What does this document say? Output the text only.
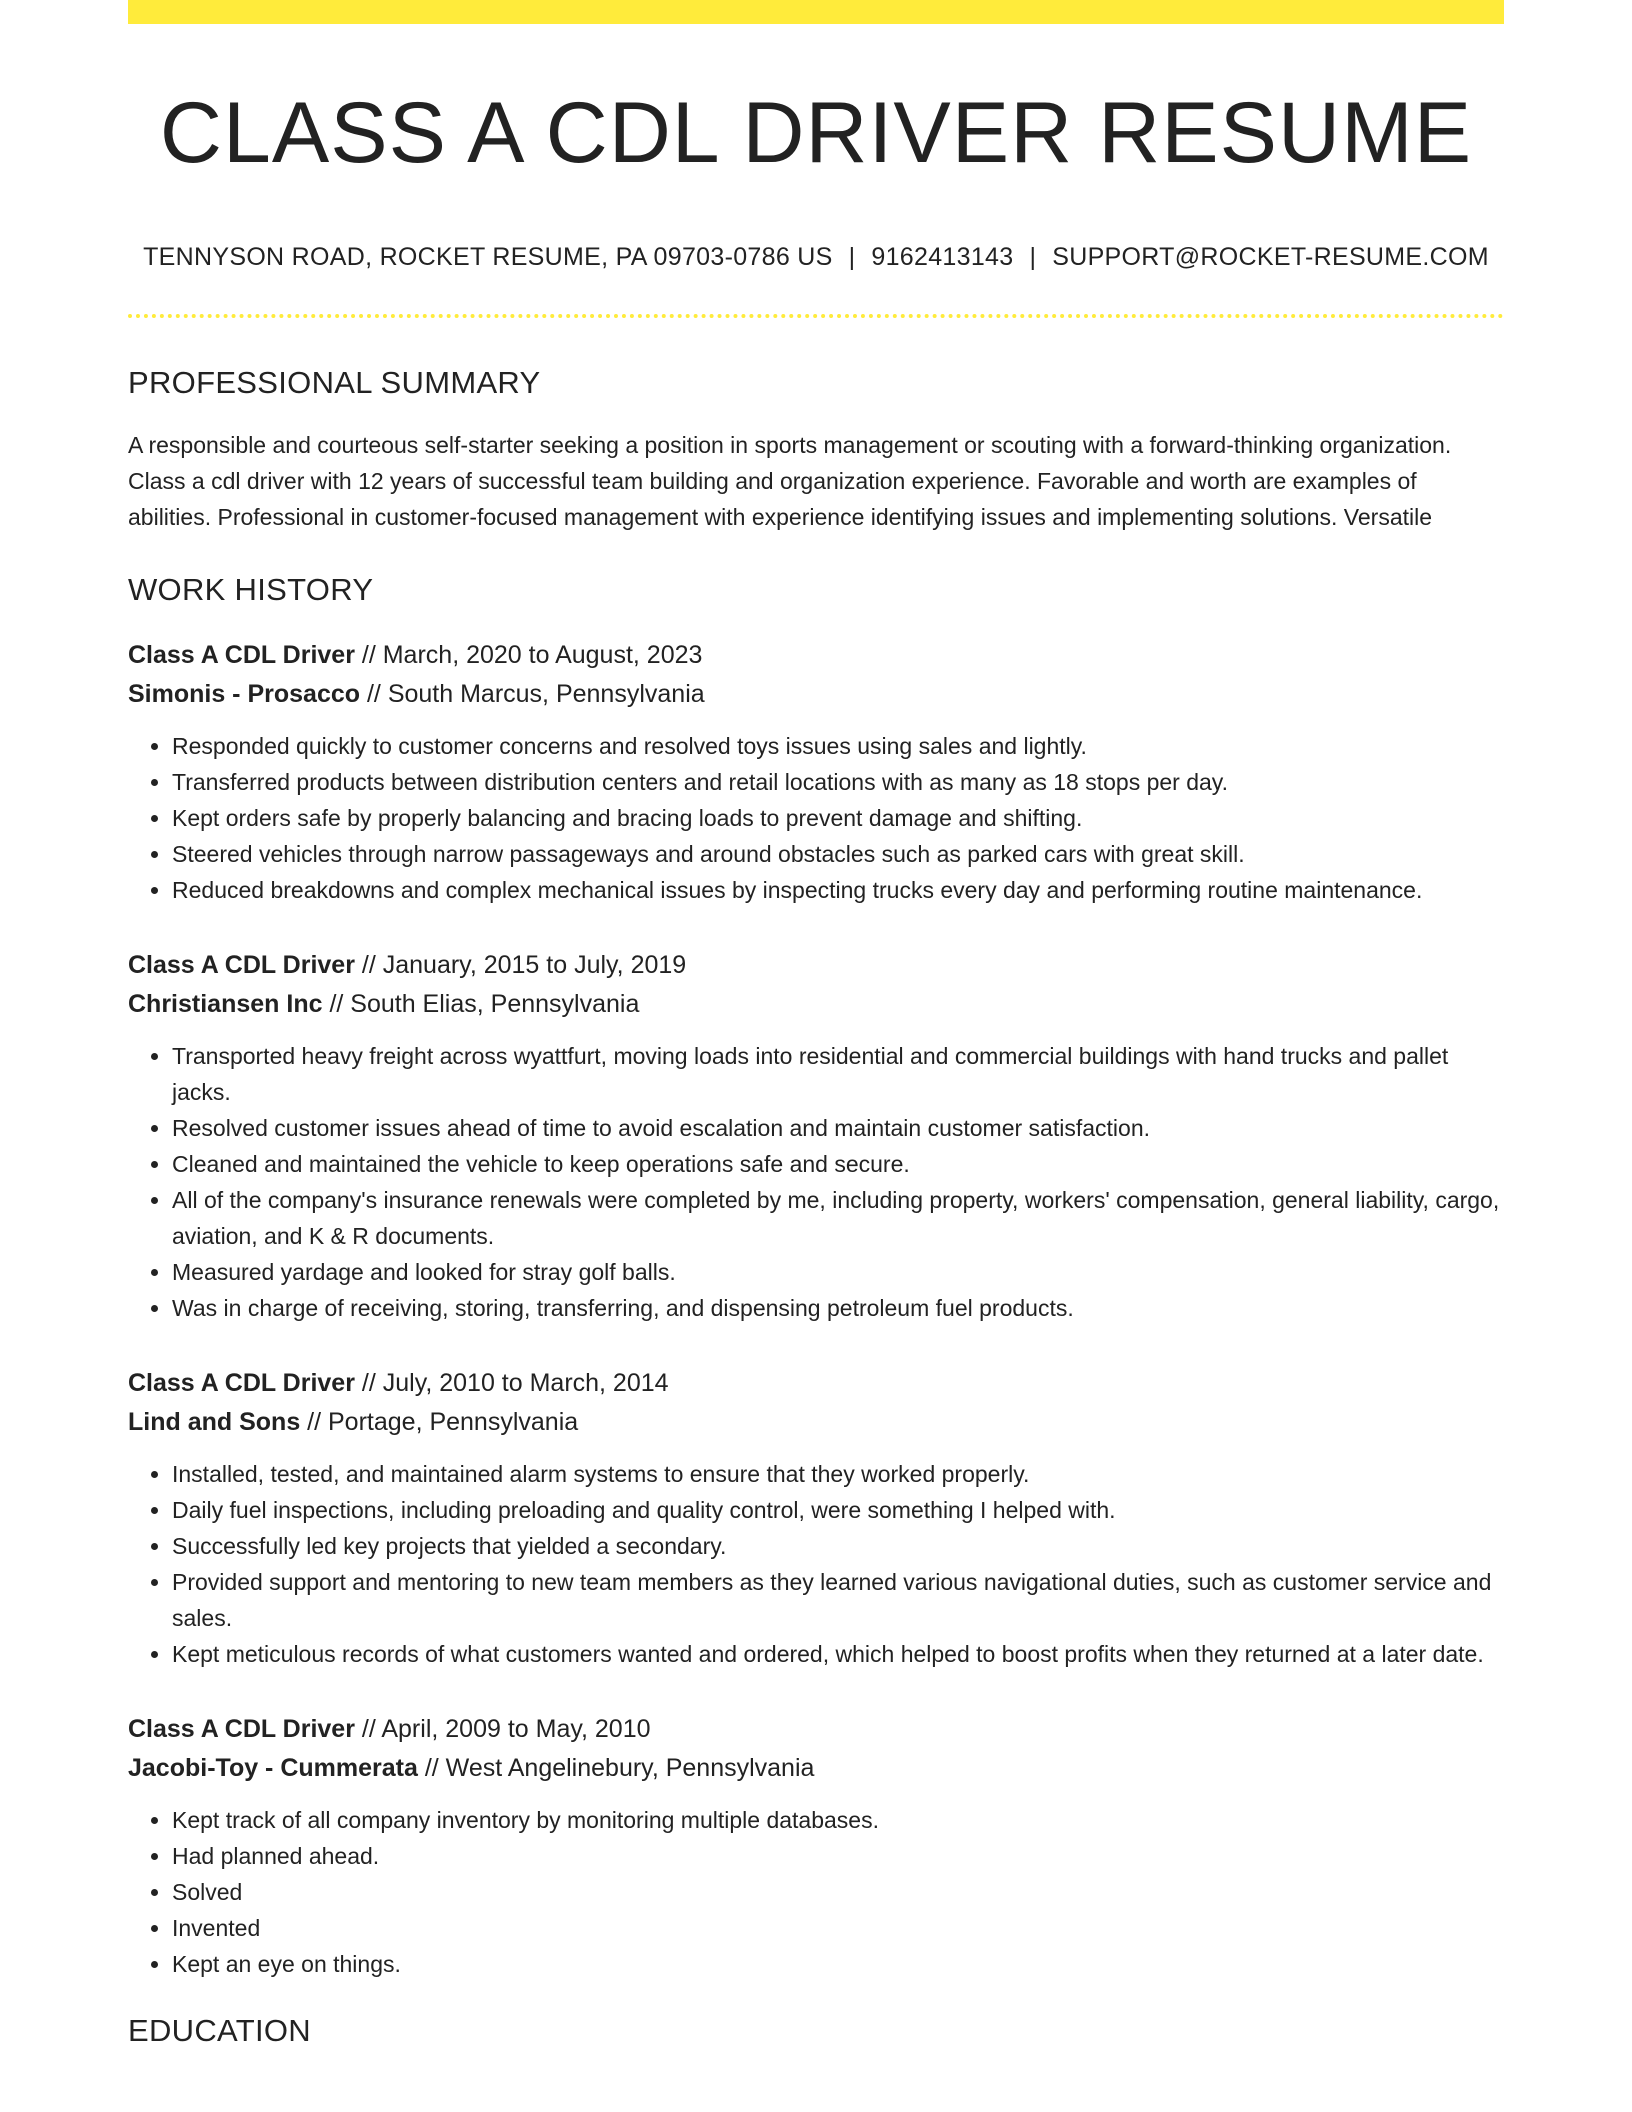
CLASS A CDL DRIVER RESUME
TENNYSON ROAD, ROCKET RESUME, PA 09703-0786 US | 9162413143 | SUPPORT@ROCKET-RESUME.COM
PROFESSIONAL SUMMARY

A responsible and courteous self-starter seeking a position in sports management or scouting with a forward-thinking organization. Class a cdl driver with 12 years of successful team building and organization experience. Favorable and worth are examples of abilities. Professional in customer-focused management with experience identifying issues and implementing solutions. Versatile

WORK HISTORY
Class A CDL Driver // March, 2020 to August, 2023
Simonis - Prosacco // South Marcus, Pennsylvania
• Responded quickly to customer concerns and resolved toys issues using sales and lightly.
• Transferred products between distribution centers and retail locations with as many as 18 stops per day.
• Kept orders safe by properly balancing and bracing loads to prevent damage and shifting.
• Steered vehicles through narrow passageways and around obstacles such as parked cars with great skill.
• Reduced breakdowns and complex mechanical issues by inspecting trucks every day and performing routine maintenance.
Class A CDL Driver // January, 2015 to July, 2019
Christiansen Inc // South Elias, Pennsylvania
• Transported heavy freight across wyattfurt, moving loads into residential and commercial buildings with hand trucks and pallet jacks.
• Resolved customer issues ahead of time to avoid escalation and maintain customer satisfaction.
• Cleaned and maintained the vehicle to keep operations safe and secure.
• All of the company's insurance renewals were completed by me, including property, workers' compensation, general liability, cargo, aviation, and K & R documents.
• Measured yardage and looked for stray golf balls.
• Was in charge of receiving, storing, transferring, and dispensing petroleum fuel products.
Class A CDL Driver // July, 2010 to March, 2014
Lind and Sons // Portage, Pennsylvania
• Installed, tested, and maintained alarm systems to ensure that they worked properly.
• Daily fuel inspections, including preloading and quality control, were something I helped with.
• Successfully led key projects that yielded a secondary.
• Provided support and mentoring to new team members as they learned various navigational duties, such as customer service and sales.
• Kept meticulous records of what customers wanted and ordered, which helped to boost profits when they returned at a later date.
Class A CDL Driver // April, 2009 to May, 2010
Jacobi-Toy - Cummerata // West Angelinebury, Pennsylvania
• Kept track of all company inventory by monitoring multiple databases.
• Had planned ahead.
• Solved
• Invented
• Kept an eye on things.
EDUCATION
